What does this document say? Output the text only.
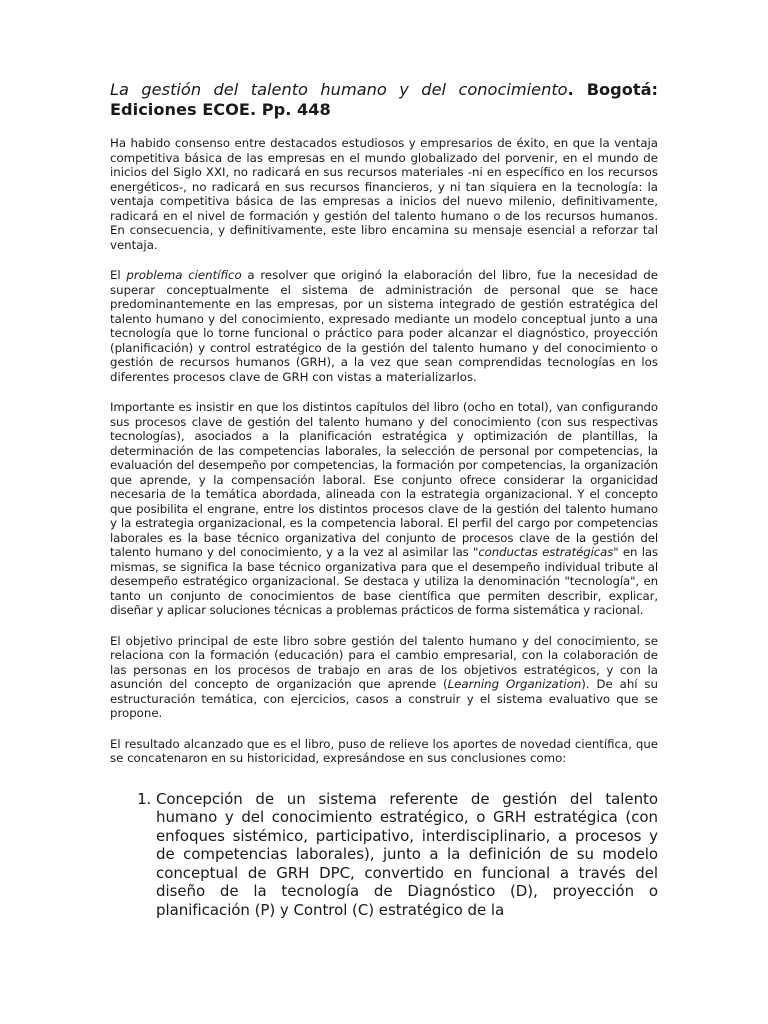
La gestión del talento humano y del conocimiento. Bogotá: Ediciones ECOE. Pp. 448

Ha habido consenso entre destacados estudiosos y empresarios de éxito, en que la ventaja competitiva básica de las empresas en el mundo globalizado del porvenir, en el mundo de inicios del Siglo XXI, no radicará en sus recursos materiales -ni en específico en los recursos energéticos-, no radicará en sus recursos financieros, y ni tan siquiera en la tecnología: la ventaja competitiva básica de las empresas a inicios del nuevo milenio, definitivamente, radicará en el nivel de formación y gestión del talento humano o de los recursos humanos. En consecuencia, y definitivamente, este libro encamina su mensaje esencial a reforzar tal ventaja.

El problema científico a resolver que originó la elaboración del libro, fue la necesidad de superar conceptualmente el sistema de administración de personal que se hace predominantemente en las empresas, por un sistema integrado de gestión estratégica del talento humano y del conocimiento, expresado mediante un modelo conceptual junto a una tecnología que lo torne funcional o práctico para poder alcanzar el diagnóstico, proyección (planificación) y control estratégico de la gestión del talento humano y del conocimiento o gestión de recursos humanos (GRH), a la vez que sean comprendidas tecnologías en los diferentes procesos clave de GRH con vistas a materializarlos.

Importante es insistir en que los distintos capítulos del libro (ocho en total), van configurando sus procesos clave de gestión del talento humano y del conocimiento (con sus respectivas tecnologías), asociados a la planificación estratégica y optimización de plantillas, la determinación de las competencias laborales, la selección de personal por competencias, la evaluación del desempeño por competencias, la formación por competencias, la organización que aprende, y la compensación laboral. Ese conjunto ofrece considerar la organicidad necesaria de la temática abordada, alineada con la estrategia organizacional. Y el concepto que posibilita el engrane, entre los distintos procesos clave de la gestión del talento humano y la estrategia organizacional, es la competencia laboral. El perfil del cargo por competencias laborales es la base técnico organizativa del conjunto de procesos clave de la gestión del talento humano y del conocimiento, y a la vez al asimilar las "conductas estratégicas" en las mismas, se significa la base técnico organizativa para que el desempeño individual tribute al desempeño estratégico organizacional. Se destaca y utiliza la denominación "tecnología", en tanto un conjunto de conocimientos de base científica que permiten describir, explicar, diseñar y aplicar soluciones técnicas a problemas prácticos de forma sistemática y racional.

El objetivo principal de este libro sobre gestión del talento humano y del conocimiento, se relaciona con la formación (educación) para el cambio empresarial, con la colaboración de las personas en los procesos de trabajo en aras de los objetivos estratégicos, y con la asunción del concepto de organización que aprende (Learning Organization). De ahí su estructuración temática, con ejercicios, casos a construir y el sistema evaluativo que se propone.

El resultado alcanzado que es el libro, puso de relieve los aportes de novedad científica, que se concatenaron en su historicidad, expresándose en sus conclusiones como:

1. Concepción de un sistema referente de gestión del talento humano y del conocimiento estratégico, o GRH estratégica (con enfoques sistémico, participativo, interdisciplinario, a procesos y de competencias laborales), junto a la definición de su modelo conceptual de GRH DPC, convertido en funcional a través del diseño de la tecnología de Diagnóstico (D), proyección o planificación (P) y Control (C) estratégico de la
